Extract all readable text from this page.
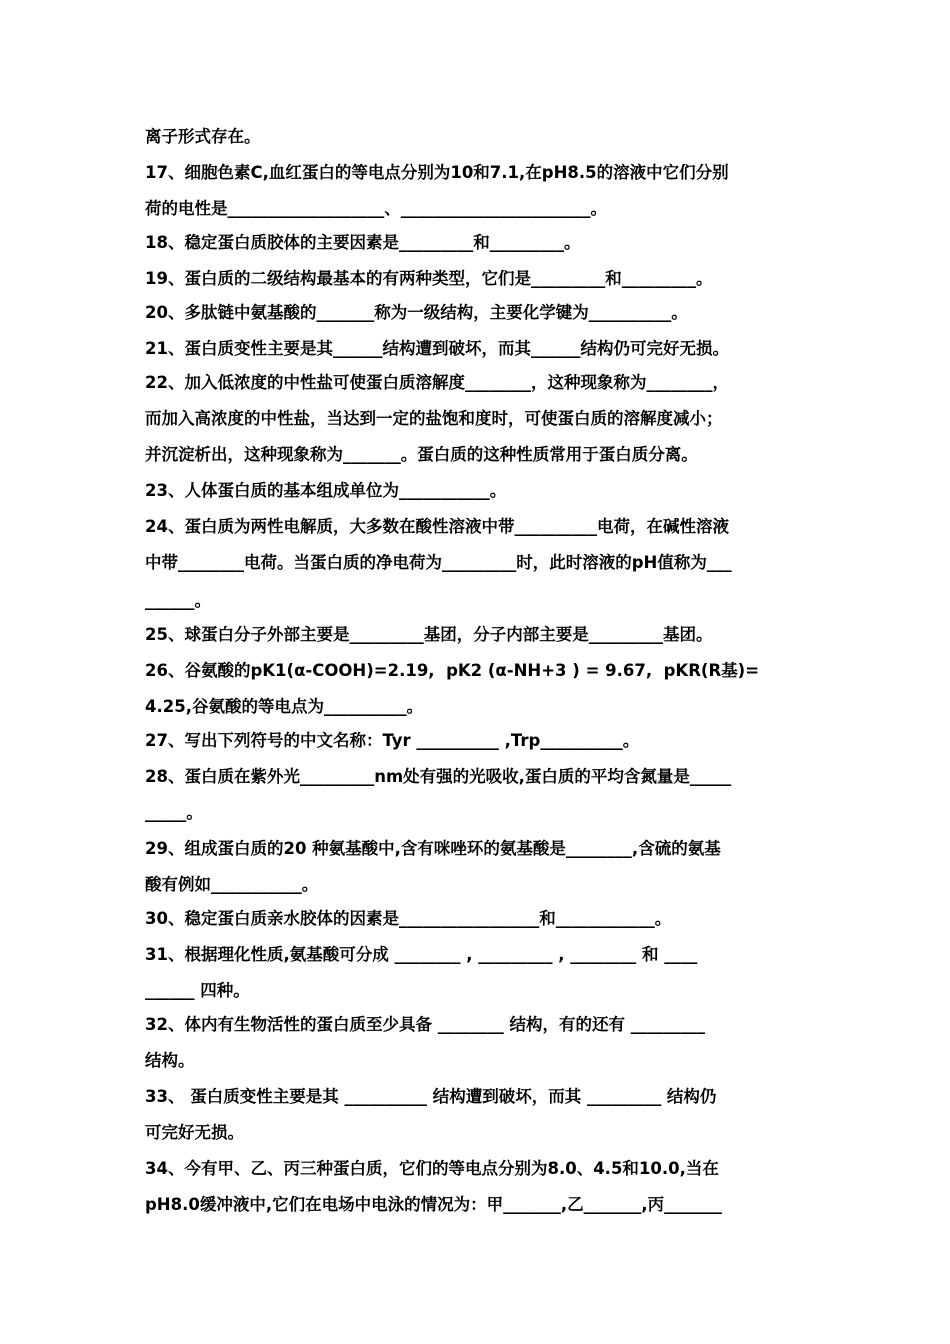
离子形式存在。
17、细胞色素C,血红蛋白的等电点分别为10和7.1,在pH8.5的溶液中它们分别
荷的电性是___________________、_______________________。
18、稳定蛋白质胶体的主要因素是_________和_________。
19、蛋白质的二级结构最基本的有两种类型，它们是_________和_________。
20、多肽链中氨基酸的_______称为一级结构，主要化学键为__________。
21、蛋白质变性主要是其______结构遭到破坏，而其______结构仍可完好无损。
22、加入低浓度的中性盐可使蛋白质溶解度________，这种现象称为________，
而加入高浓度的中性盐，当达到一定的盐饱和度时，可使蛋白质的溶解度减小；
并沉淀析出，这种现象称为_______。蛋白质的这种性质常用于蛋白质分离。
23、人体蛋白质的基本组成单位为___________。
24、蛋白质为两性电解质，大多数在酸性溶液中带__________电荷，在碱性溶液
中带________电荷。当蛋白质的净电荷为_________时，此时溶液的pH值称为___
______。
25、球蛋白分子外部主要是_________基团，分子内部主要是_________基团。
26、谷氨酸的pK1(α-COOH)=2.19,  pK2 (α-NH+3 ) = 9.67,  pKR(R基)=
4.25,谷氨酸的等电点为__________。
27、写出下列符号的中文名称：Tyr __________ ,Trp__________。
28、蛋白质在紫外光_________nm处有强的光吸收,蛋白质的平均含氮量是_____
_____。
29、组成蛋白质的20 种氨基酸中,含有咪唑环的氨基酸是________,含硫的氨基
酸有例如___________。
30、稳定蛋白质亲水胶体的因素是_________________和____________。
31、根据理化性质,氨基酸可分成 ________ , _________ , ________ 和 ____
______ 四种。
32、体内有生物活性的蛋白质至少具备 ________ 结构，有的还有 _________
结构。
33、 蛋白质变性主要是其 __________ 结构遭到破坏，而其 _________ 结构仍
可完好无损。
34、今有甲、乙、丙三种蛋白质，它们的等电点分别为8.0、4.5和10.0,当在
pH8.0缓冲液中,它们在电场中电泳的情况为：甲_______,乙_______,丙_______
